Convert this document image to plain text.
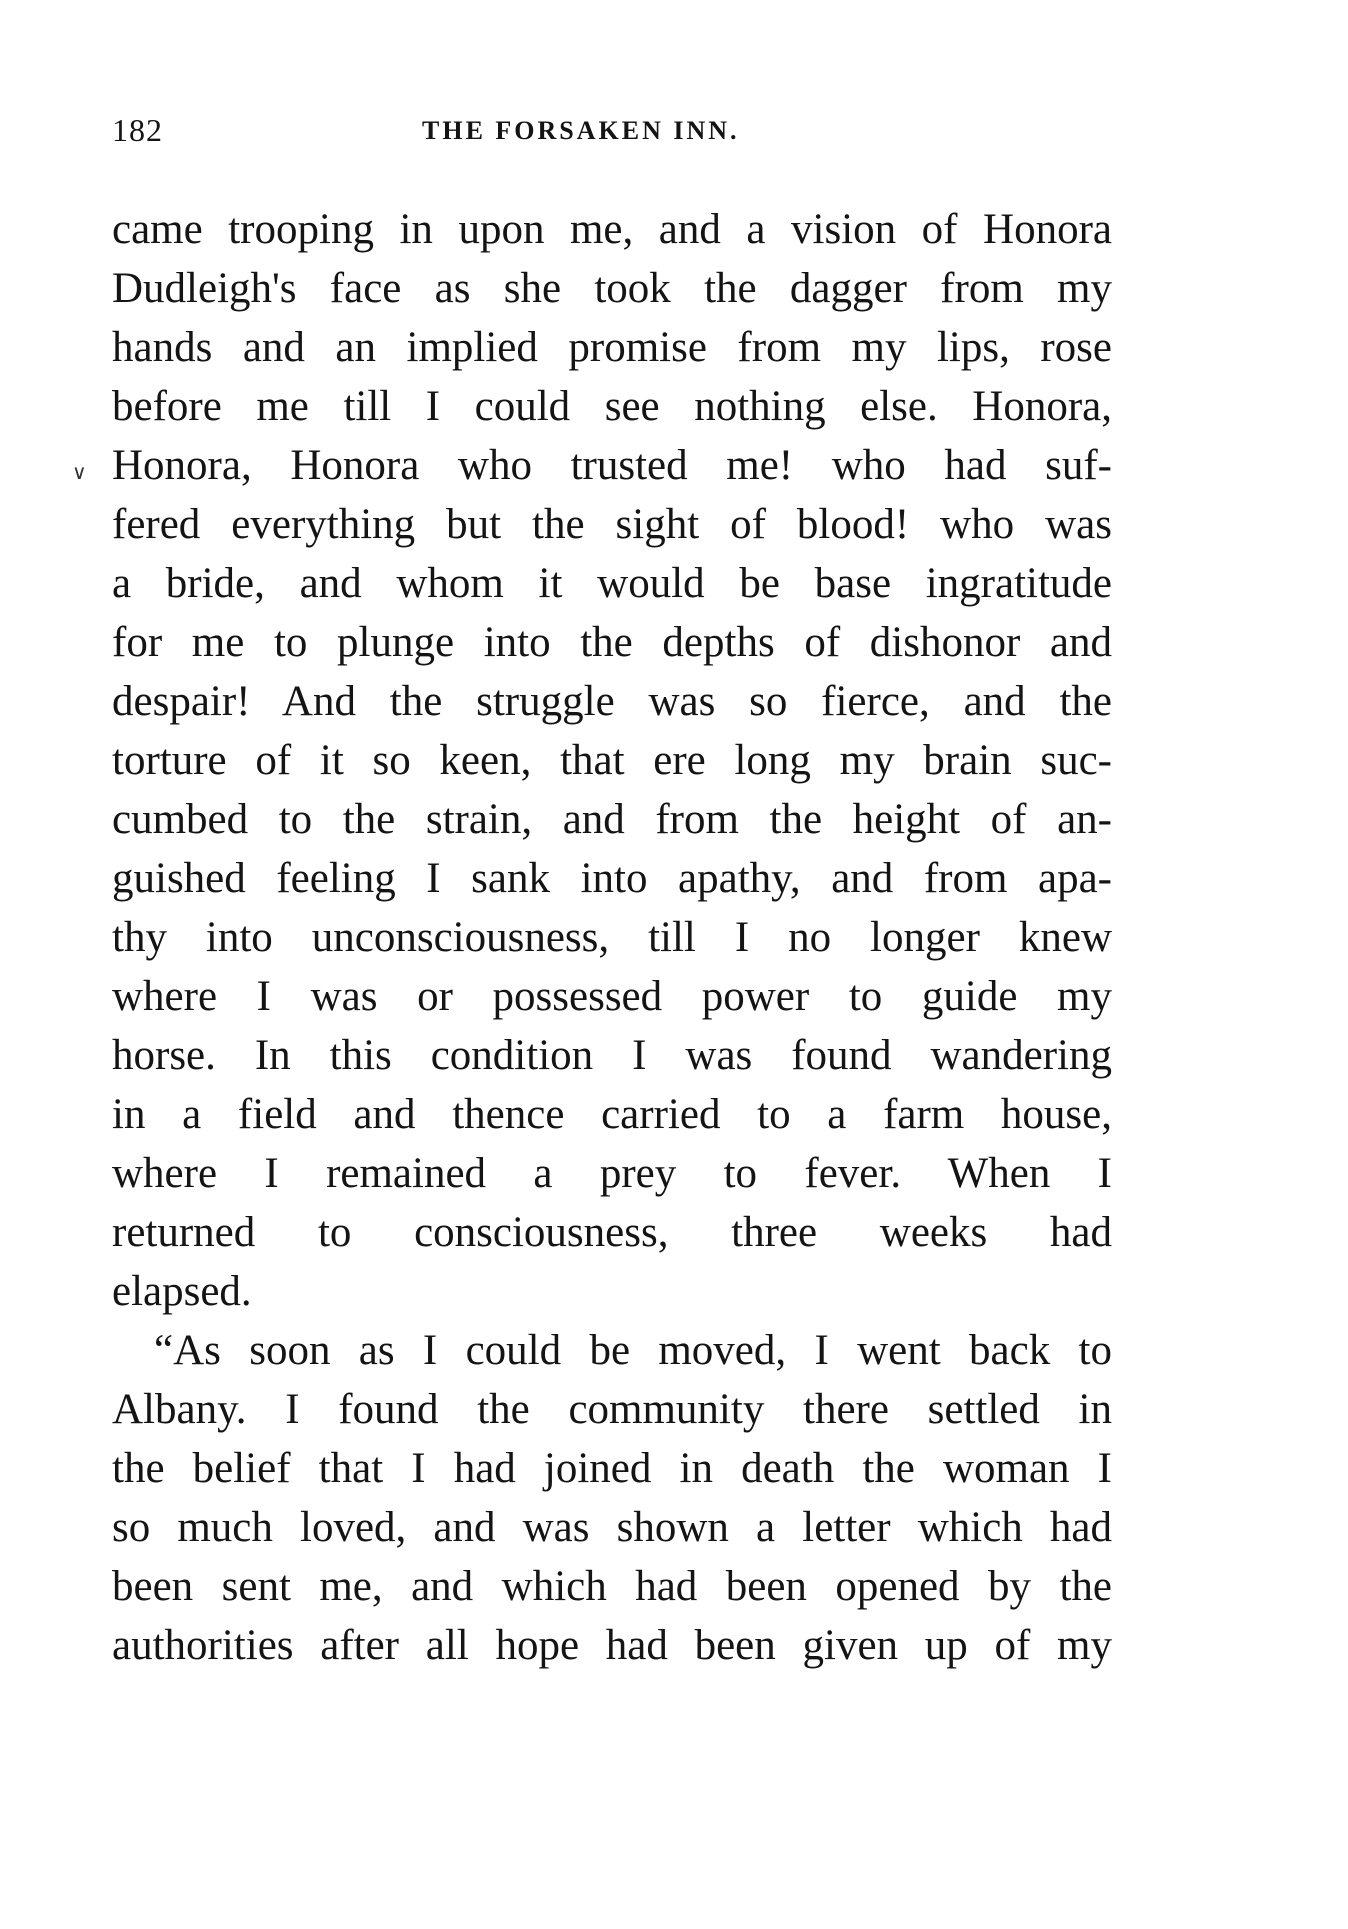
182	THE FORSAKEN INN.
∨
came trooping in upon me, and a vision of Honora
Dudleigh's face as she took the dagger from my
hands and an implied promise from my lips, rose
before me till I could see nothing else. Honora,
Honora, Honora who trusted me! who had suf-
fered everything but the sight of blood! who was
a bride, and whom it would be base ingratitude
for me to plunge into the depths of dishonor and
despair! And the struggle was so fierce, and the
torture of it so keen, that ere long my brain suc-
cumbed to the strain, and from the height of an-
guished feeling I sank into apathy, and from apa-
thy into unconsciousness, till I no longer knew
where I was or possessed power to guide my
horse. In this condition I was found wandering
in a field and thence carried to a farm house,
where I remained a prey to fever. When I
returned to consciousness, three weeks had
elapsed.
“As soon as I could be moved, I went back to
Albany. I found the community there settled in
the belief that I had joined in death the woman I
so much loved, and was shown a letter which had
been sent me, and which had been opened by the
authorities after all hope had been given up of my
